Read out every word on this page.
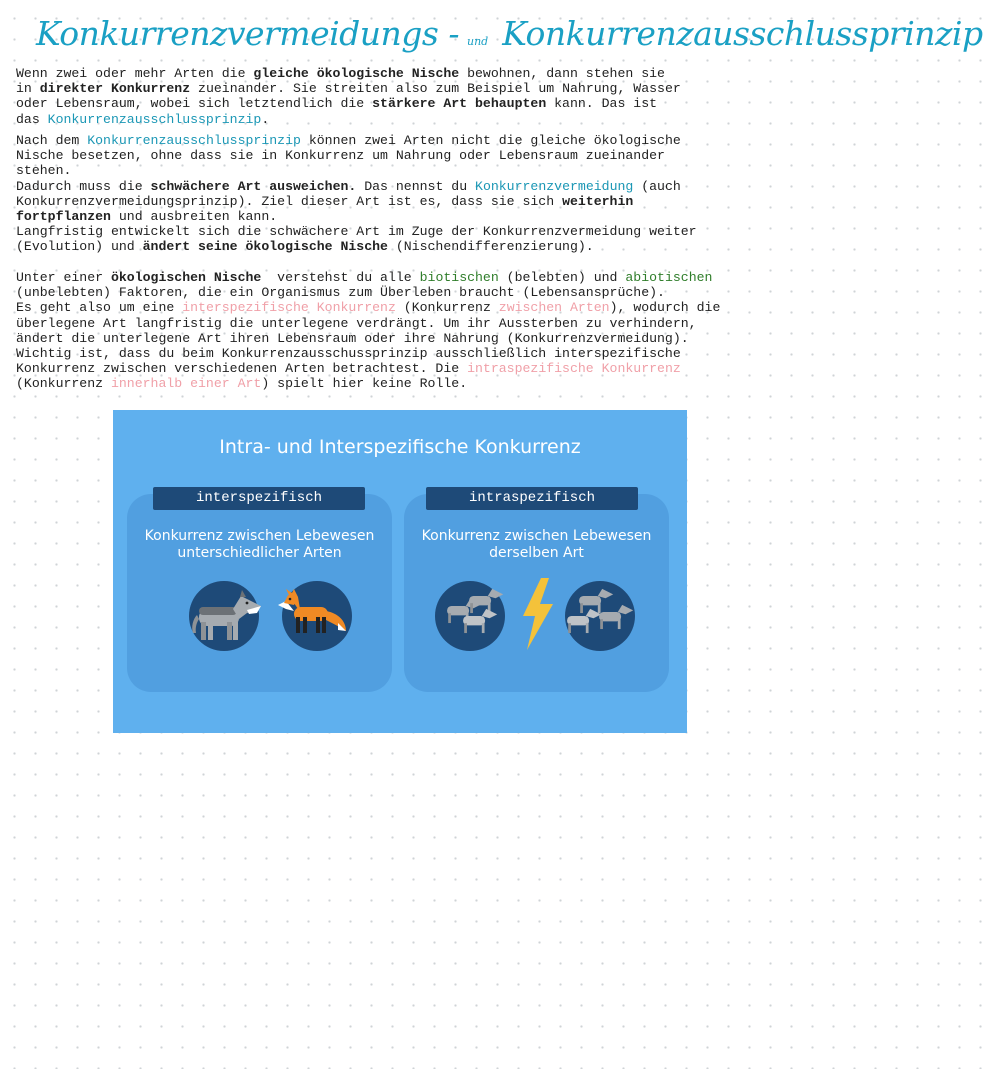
Konkurrenzvermeidungs - und Konkurrenzausschlussprinzip
Wenn zwei oder mehr Arten die gleiche ökologische Nische bewohnen, dann stehen sie
in direkter Konkurrenz zueinander. Sie streiten also zum Beispiel um Nahrung, Wasser
oder Lebensraum, wobei sich letztendlich die stärkere Art behaupten kann. Das ist
das Konkurrenzausschlussprinzip.
Nach dem Konkurrenzausschlussprinzip können zwei Arten nicht die gleiche ökologische
Nische besetzen, ohne dass sie in Konkurrenz um Nahrung oder Lebensraum zueinander
stehen.
Dadurch muss die schwächere Art ausweichen. Das nennst du Konkurrenzvermeidung (auch
Konkurrenzvermeidungsprinzip). Ziel dieser Art ist es, dass sie sich weiterhin
fortpflanzen und ausbreiten kann.
Langfristig entwickelt sich die schwächere Art im Zuge der Konkurrenzvermeidung weiter
(Evolution) und ändert seine ökologische Nische (Nischendifferenzierung).
Unter einer ökologischen Nische  verstehst du alle biotischen (belebten) und abiotischen
(unbelebten) Faktoren, die ein Organismus zum Überleben braucht (Lebensansprüche).
Es geht also um eine interspezifische Konkurrenz (Konkurrenz zwischen Arten), wodurch die
überlegene Art langfristig die unterlegene verdrängt. Um ihr Aussterben zu verhindern,
ändert die unterlegene Art ihren Lebensraum oder ihre Nahrung (Konkurrenzvermeidung).
Wichtig ist, dass du beim Konkurrenzausschussprinzip ausschließlich interspezifische
Konkurrenz zwischen verschiedenen Arten betrachtest. Die intraspezifische Konkurrenz
(Konkurrenz innerhalb einer Art) spielt hier keine Rolle.
Intra- und Interspezifische Konkurrenz
Konkurrenz zwischen Lebewesen
unterschiedlicher Arten
Konkurrenz zwischen Lebewesen
derselben Art
interspezifisch	intraspezifisch
